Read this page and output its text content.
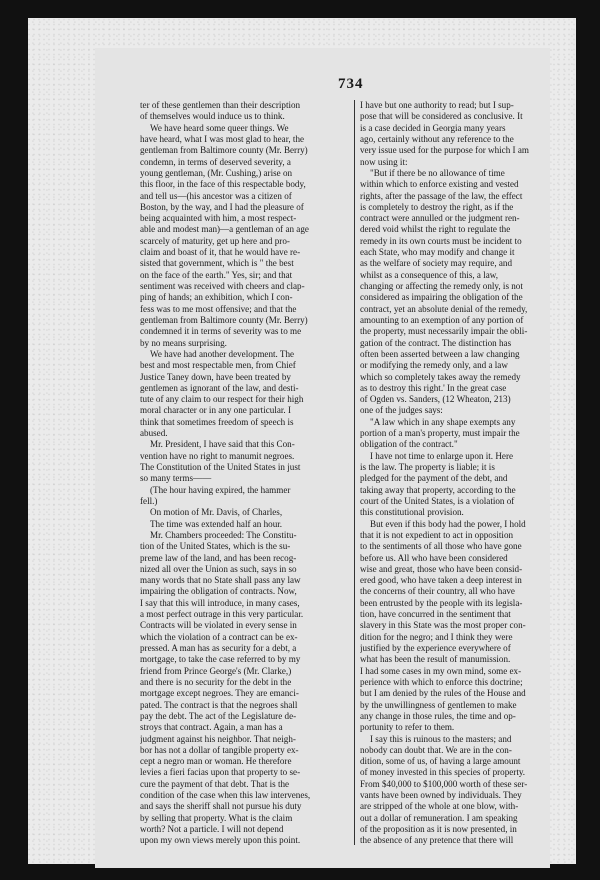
734
ter of these gentlemen than their description
of themselves would induce us to think.
We have heard some queer things. We
have heard, what I was most glad to hear, the
gentleman from Baltimore county (Mr. Berry)
condemn, in terms of deserved severity, a
young gentleman, (Mr. Cushing,) arise on
this floor, in the face of this respectable body,
and tell us—(his ancestor was a citizen of
Boston, by the way, and I had the pleasure of
being acquainted with him, a most respect-
able and modest man)—a gentleman of an age
scarcely of maturity, get up here and pro-
claim and boast of it, that he would have re-
sisted that government, which is " the best
on the face of the earth." Yes, sir; and that
sentiment was received with cheers and clap-
ping of hands; an exhibition, which I con-
fess was to me most offensive; and that the
gentleman from Baltimore county (Mr. Berry)
condemned it in terms of severity was to me
by no means surprising.
We have had another development. The
best and most respectable men, from Chief
Justice Taney down, have been treated by
gentlemen as ignorant of the law, and desti-
tute of any claim to our respect for their high
moral character or in any one particular. I
think that sometimes freedom of speech is
abused.
Mr. President, I have said that this Con-
vention have no right to manumit negroes.
The Constitution of the United States in just
so many terms——
(The hour having expired, the hammer
fell.)
On motion of Mr. Davis, of Charles,
The time was extended half an hour.
Mr. Chambers proceeded: The Constitu-
tion of the United States, which is the su-
preme law of the land, and has been recog-
nized all over the Union as such, says in so
many words that no State shall pass any law
impairing the obligation of contracts. Now,
I say that this will introduce, in many cases,
a most perfect outrage in this very particular.
Contracts will be violated in every sense in
which the violation of a contract can be ex-
pressed. A man has as security for a debt, a
mortgage, to take the case referred to by my
friend from Prince George's (Mr. Clarke,)
and there is no security for the debt in the
mortgage except negroes. They are emanci-
pated. The contract is that the negroes shall
pay the debt. The act of the Legislature de-
stroys that contract. Again, a man has a
judgment against his neighbor. That neigh-
bor has not a dollar of tangible property ex-
cept a negro man or woman. He therefore
levies a fieri facias upon that property to se-
cure the payment of that debt. That is the
condition of the case when this law intervenes,
and says the sheriff shall not pursue his duty
by selling that property. What is the claim
worth? Not a particle. I will not depend
upon my own views merely upon this point.
I have but one authority to read; but I sup-
pose that will be considered as conclusive. It
is a case decided in Georgia many years
ago, certainly without any reference to the
very issue used for the purpose for which I am
now using it:
"But if there be no allowance of time
within which to enforce existing and vested
rights, after the passage of the law, the effect
is completely to destroy the right, as if the
contract were annulled or the judgment ren-
dered void whilst the right to regulate the
remedy in its own courts must be incident to
each State, who may modify and change it
as the welfare of society may require, and
whilst as a consequence of this, a law,
changing or affecting the remedy only, is not
considered as impairing the obligation of the
contract, yet an absolute denial of the remedy,
amounting to an exemption of any portion of
the property, must necessarily impair the obli-
gation of the contract. The distinction has
often been asserted between a law changing
or modifying the remedy only, and a law
which so completely takes away the remedy
as to destroy this right.' In the great case
of Ogden vs. Sanders, (12 Wheaton, 213)
one of the judges says:
"A law which in any shape exempts any
portion of a man's property, must impair the
obligation of the contract."
I have not time to enlarge upon it. Here
is the law. The property is liable; it is
pledged for the payment of the debt, and
taking away that property, according to the
court of the United States, is a violation of
this constitutional provision.
But even if this body had the power, I hold
that it is not expedient to act in opposition
to the sentiments of all those who have gone
before us. All who have been considered
wise and great, those who have been consid-
ered good, who have taken a deep interest in
the concerns of their country, all who have
been entrusted by the people with its legisla-
tion, have concurred in the sentiment that
slavery in this State was the most proper con-
dition for the negro; and I think they were
justified by the experience everywhere of
what has been the result of manumission.
I had some cases in my own mind, some ex-
perience with which to enforce this doctrine;
but I am denied by the rules of the House and
by the unwillingness of gentlemen to make
any change in those rules, the time and op-
portunity to refer to them.
I say this is ruinous to the masters; and
nobody can doubt that. We are in the con-
dition, some of us, of having a large amount
of money invested in this species of property.
From $40,000 to $100,000 worth of these ser-
vants have been owned by individuals. They
are stripped of the whole at one blow, with-
out a dollar of remuneration. I am speaking
of the proposition as it is now presented, in
the absence of any pretence that there will
